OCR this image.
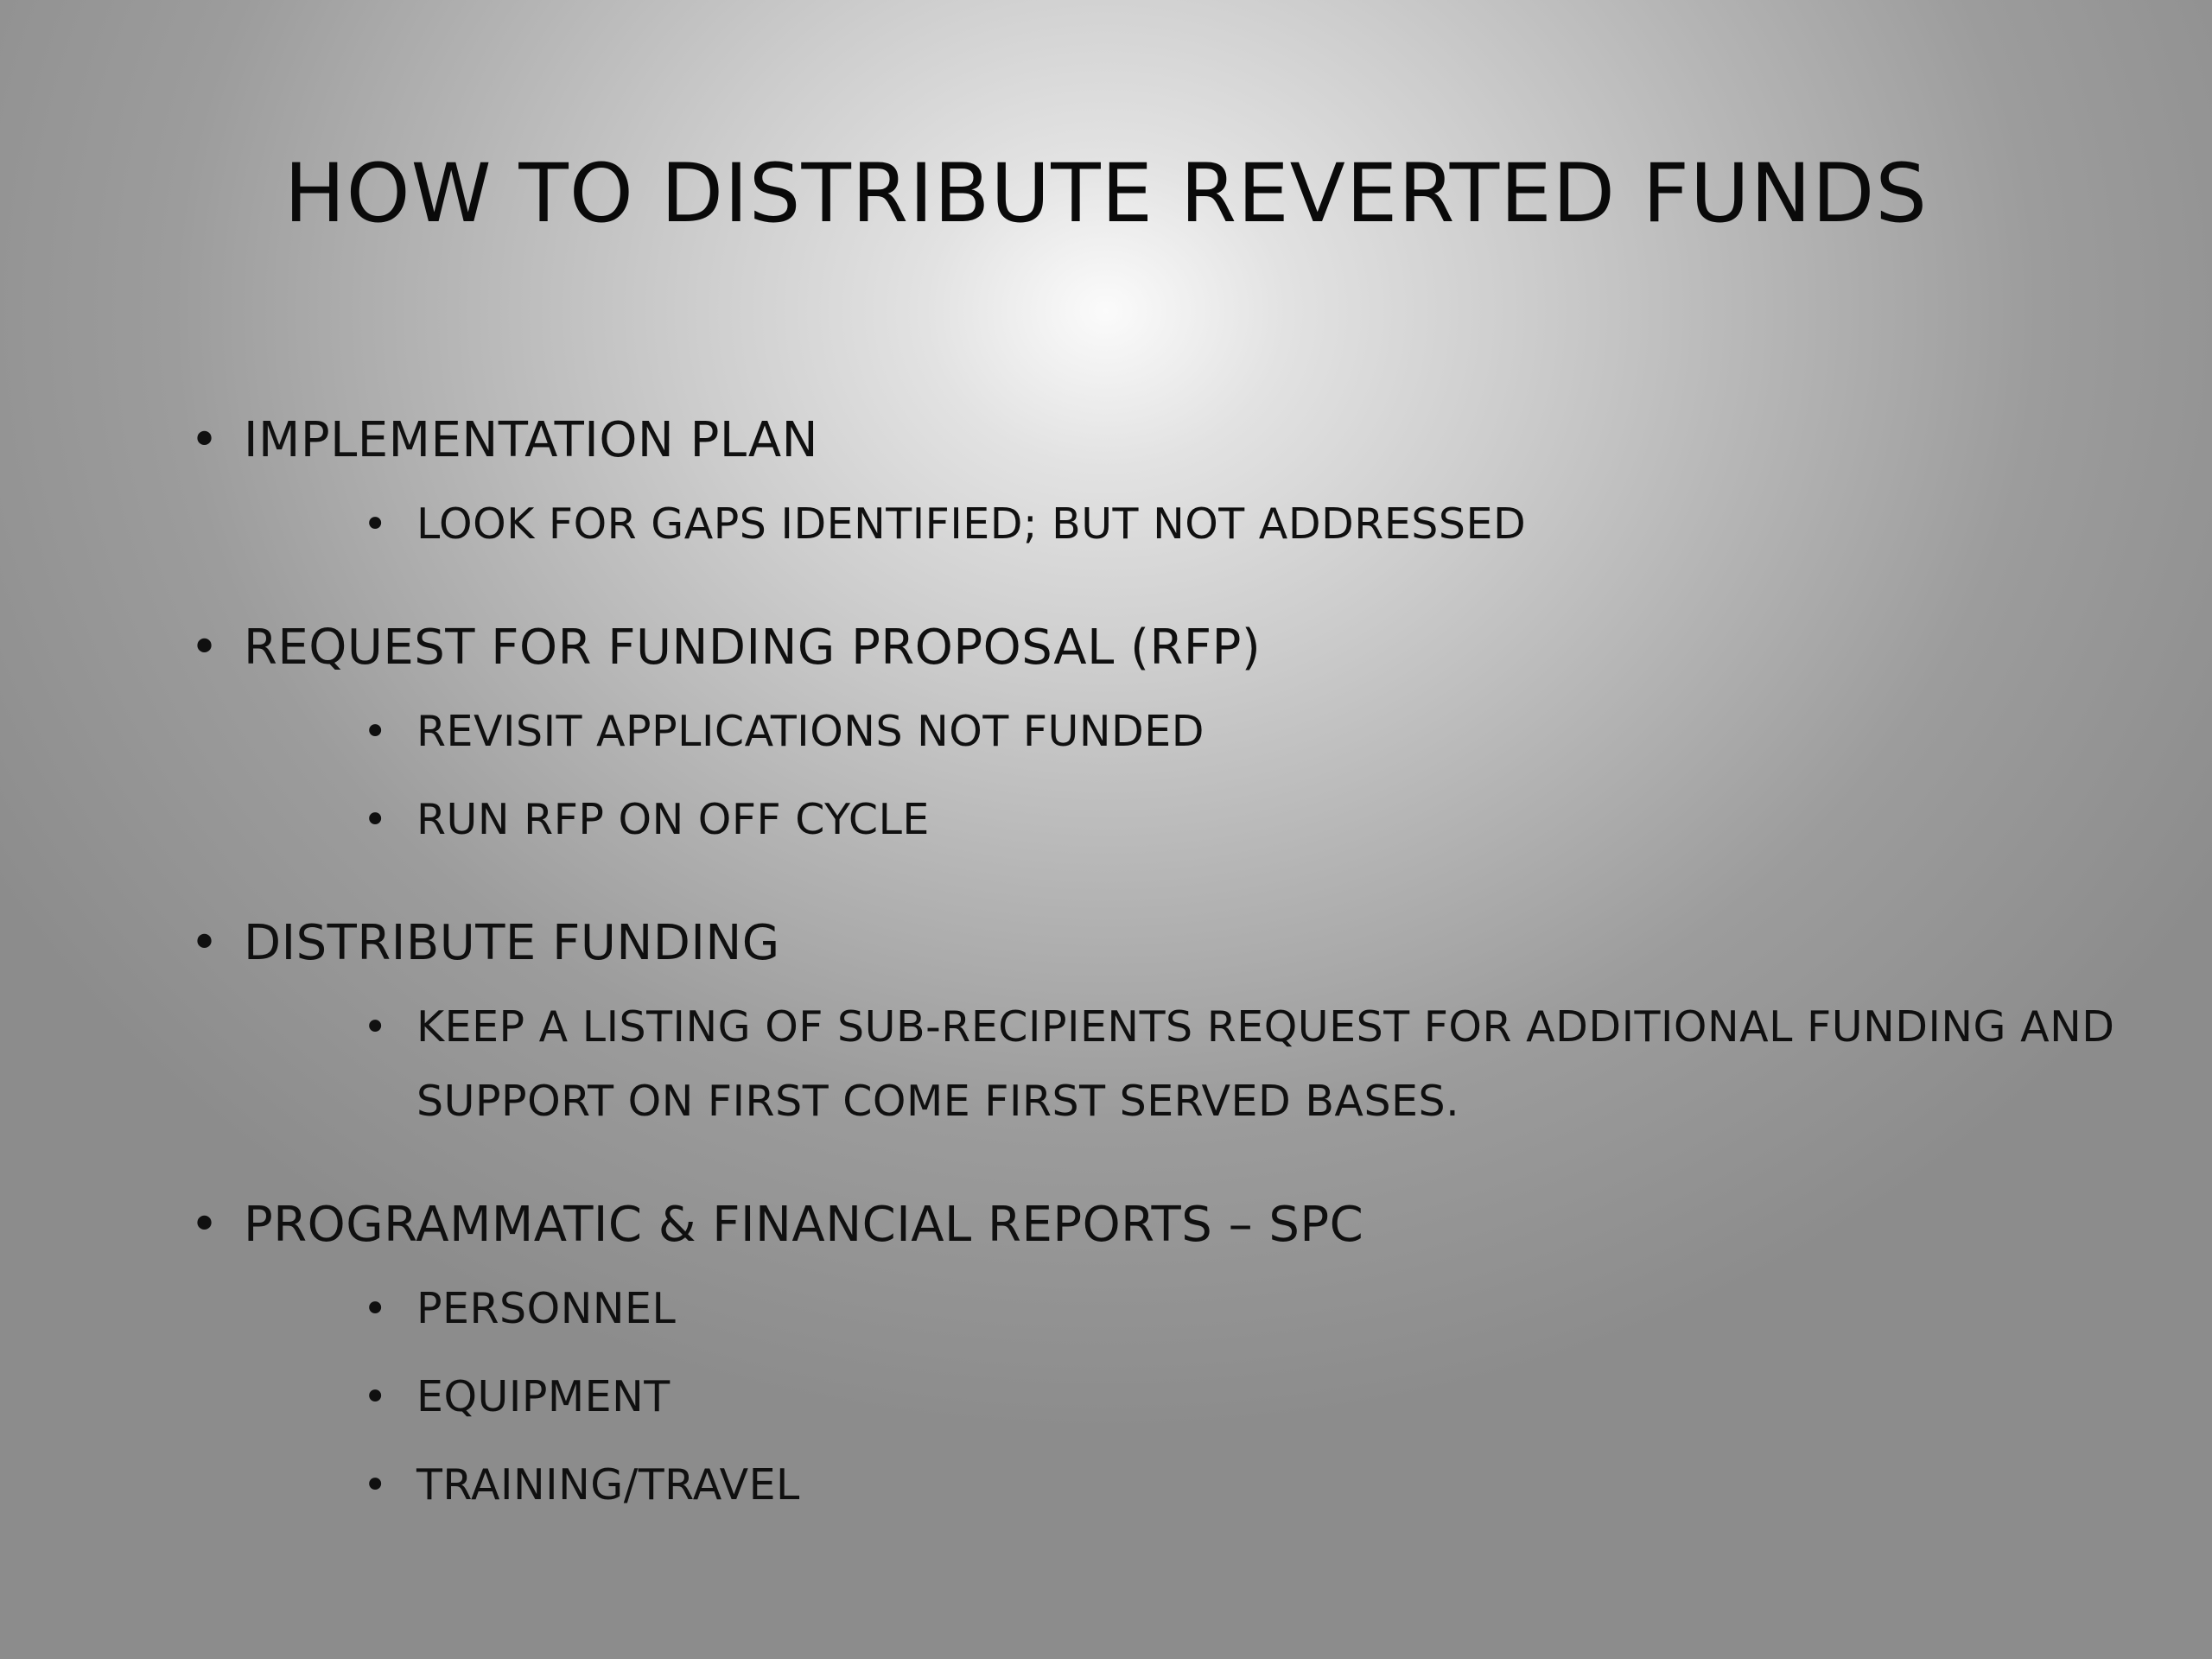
HOW TO DISTRIBUTE REVERTED FUNDS
• IMPLEMENTATION PLAN
• LOOK FOR GAPS IDENTIFIED; BUT NOT ADDRESSED
• REQUEST FOR FUNDING PROPOSAL (RFP)
• REVISIT APPLICATIONS NOT FUNDED
• RUN RFP ON OFF CYCLE
• DISTRIBUTE FUNDING
• KEEP A LISTING OF SUB-RECIPIENTS REQUEST FOR ADDITIONAL FUNDING AND SUPPORT ON FIRST COME FIRST SERVED BASES.
• PROGRAMMATIC & FINANCIAL REPORTS – SPC
• PERSONNEL
• EQUIPMENT
• TRAINING/TRAVEL
